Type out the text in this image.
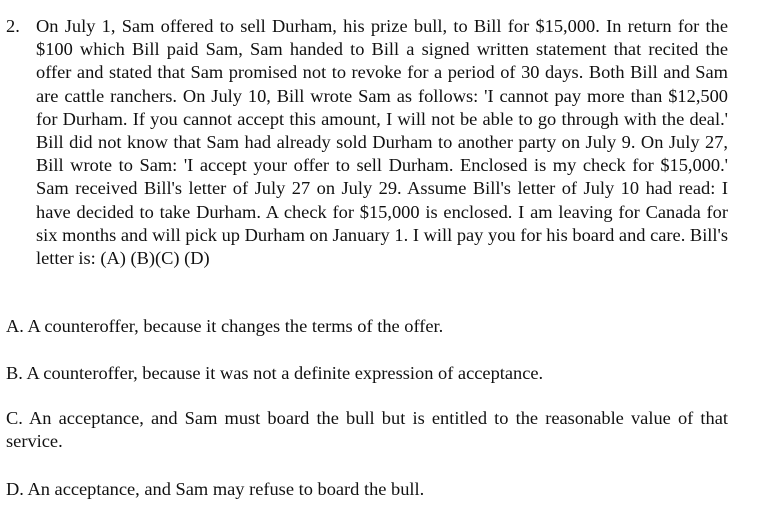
2. On July 1, Sam offered to sell Durham, his prize bull, to Bill for $15,000. In return for the $100 which Bill paid Sam, Sam handed to Bill a signed written statement that recited the offer and stated that Sam promised not to revoke for a period of 30 days. Both Bill and Sam are cattle ranchers. On July 10, Bill wrote Sam as follows: 'I cannot pay more than $12,500 for Durham. If you cannot accept this amount, I will not be able to go through with the deal.' Bill did not know that Sam had already sold Durham to another party on July 9. On July 27, Bill wrote to Sam: 'I accept your offer to sell Durham. Enclosed is my check for $15,000.' Sam received Bill's letter of July 27 on July 29. Assume Bill's letter of July 10 had read: I have decided to take Durham. A check for $15,000 is enclosed. I am leaving for Canada for six months and will pick up Durham on January 1. I will pay you for his board and care. Bill's letter is: (A) (B)(C) (D)
A. A counteroffer, because it changes the terms of the offer.
B. A counteroffer, because it was not a definite expression of acceptance.
C. An acceptance, and Sam must board the bull but is entitled to the reasonable value of that service.
D. An acceptance, and Sam may refuse to board the bull.
